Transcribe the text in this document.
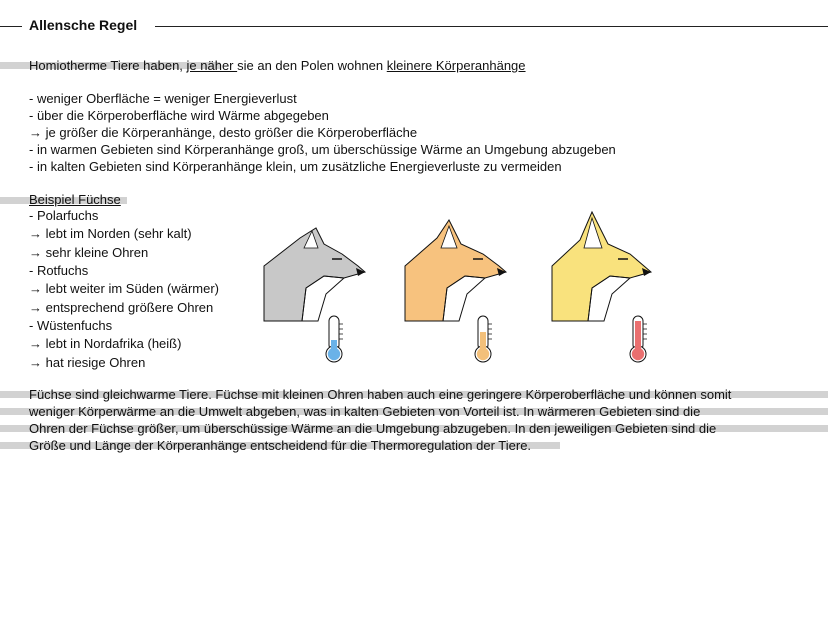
Allensche Regel
Homiotherme Tiere haben, je näher sie an den Polen wohnen kleinere Körperanhänge
- weniger Oberfläche = weniger Energieverlust
- über die Körperoberfläche wird Wärme abgegeben
→ je größer die Körperanhänge, desto größer die Körperoberfläche
- in warmen Gebieten sind Körperanhänge groß, um überschüssige Wärme an Umgebung abzugeben
- in kalten Gebieten sind Körperanhänge klein, um zusätzliche Energieverluste zu vermeiden
Beispiel Füchse
- Polarfuchs
→ lebt im Norden (sehr kalt)
→ sehr kleine Ohren
- Rotfuchs
→ lebt weiter im Süden (wärmer)
→ entsprechend größere Ohren
- Wüstenfuchs
→ lebt in Nordafrika (heiß)
→ hat riesige Ohren
Füchse sind gleichwarme Tiere. Füchse mit kleinen Ohren haben auch eine geringere Körperoberfläche und können somit
weniger Körperwärme an die Umwelt abgeben, was in kalten Gebieten von Vorteil ist. In wärmeren Gebieten sind die
Ohren der Füchse größer, um überschüssige Wärme an die Umgebung abzugeben. In den jeweiligen Gebieten sind die
Größe und Länge der Körperanhänge entscheidend für die Thermoregulation der Tiere.
